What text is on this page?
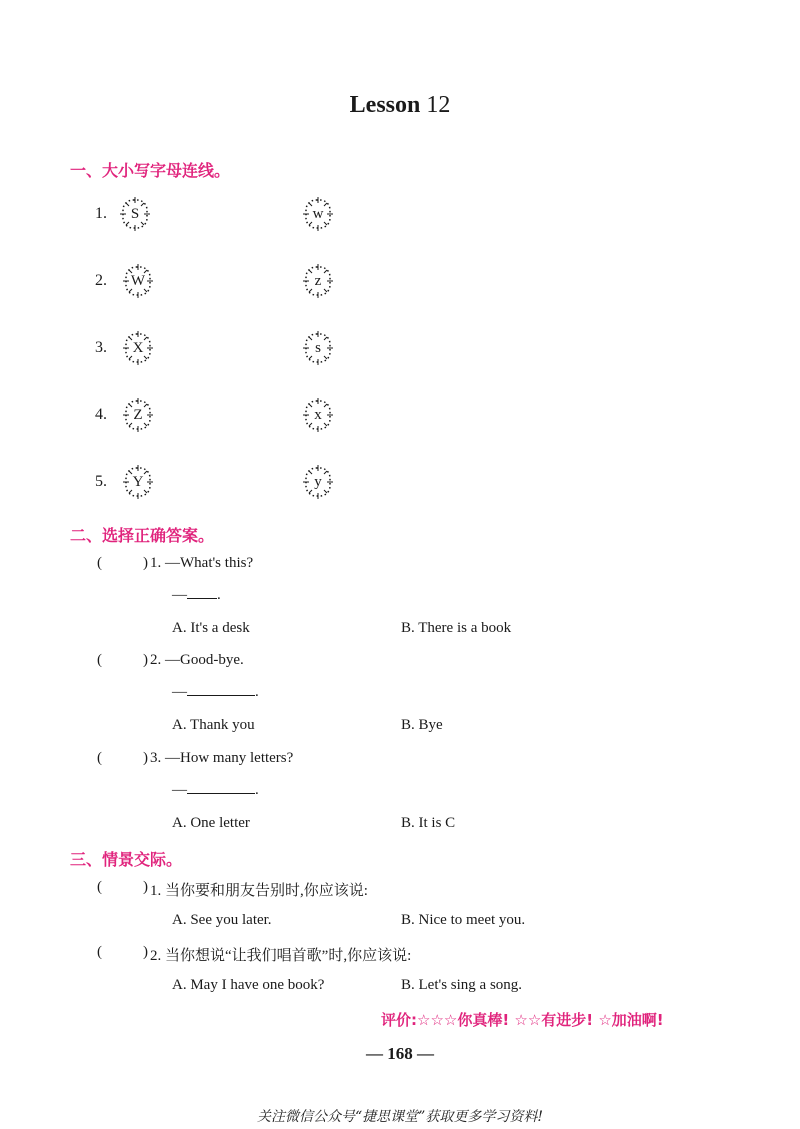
Lesson 12
一、大小写字母连线。
1.	S	w
2.	W	z
3.	X	s
4.	Z	x
5.	Y	y
二、选择正确答案。
(	) 1. —What's this?
— .
A. It's a desk	B. There is a book
(	) 2. —Good-bye.
—	.
A. Thank you	B. Bye
(	) 3. —How many letters?
—	.
A. One letter	B. It is C
三、情景交际。
(	) 1. 当你要和朋友告别时,你应该说:
A. See you later.	B. Nice to meet you.
(	) 2. 当你想说“让我们唱首歌”时,你应该说:
A. May I have one book?	B. Let's sing a song.
评价:☆☆☆你真棒! ☆☆有进步! ☆加油啊!
— 168 —
关注微信公众号“捷思课堂”获取更多学习资料!
